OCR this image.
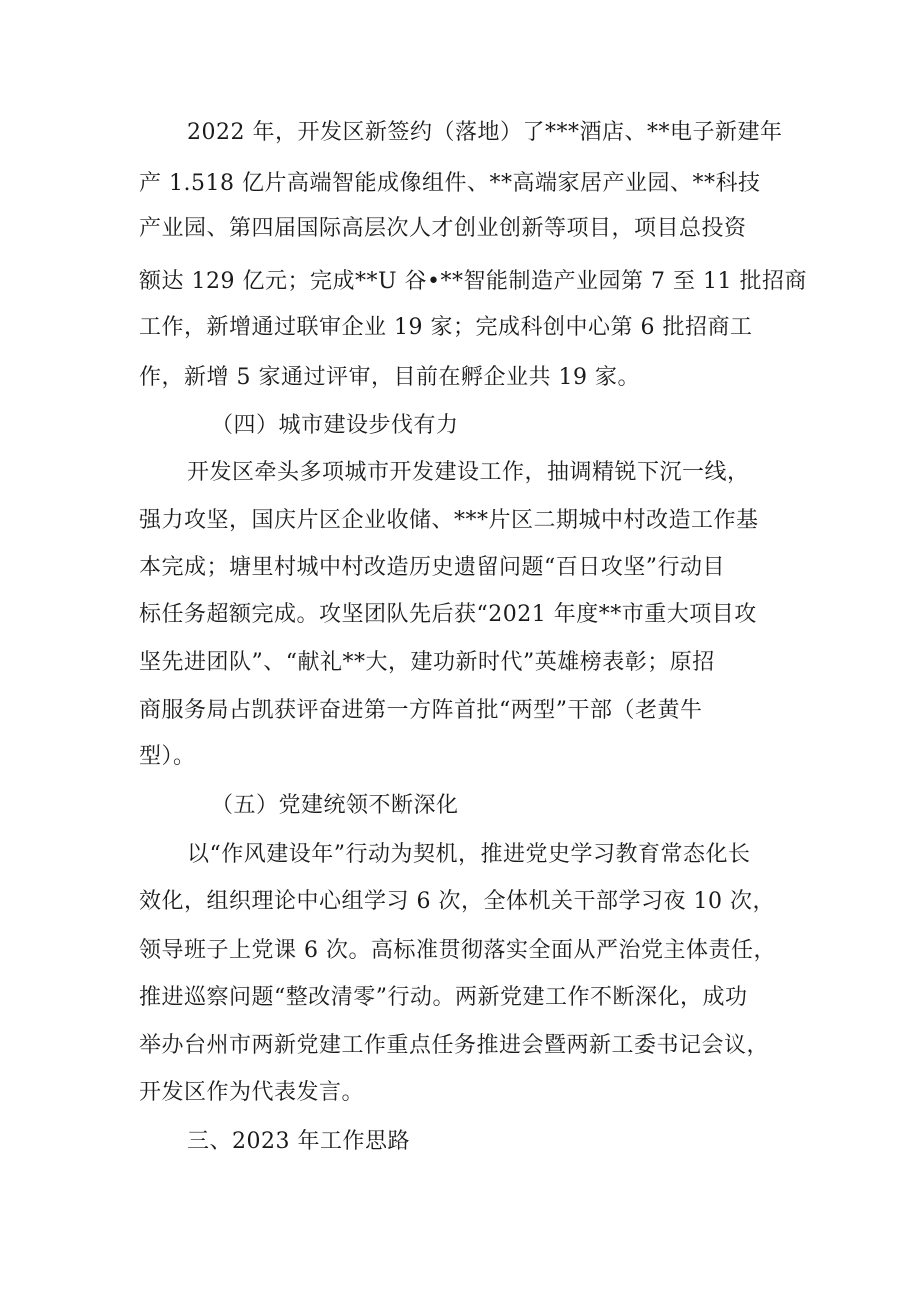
2022 年，开发区新签约（落地）了***酒店、**电子新建年
产 1.518 亿片高端智能成像组件、**高端家居产业园、**科技
产业园、第四届国际高层次人才创业创新等项目，项目总投资
额达 129 亿元；完成**U 谷•**智能制造产业园第 7 至 11 批招商
工作，新增通过联审企业 19 家；完成科创中心第 6 批招商工
作，新增 5 家通过评审，目前在孵企业共 19 家。
（四）城市建设步伐有力
开发区牵头多项城市开发建设工作，抽调精锐下沉一线，
强力攻坚，国庆片区企业收储、***片区二期城中村改造工作基
本完成；塘里村城中村改造历史遗留问题“百日攻坚”行动目
标任务超额完成。攻坚团队先后获“2021 年度**市重大项目攻
坚先进团队”、“献礼**大，建功新时代”英雄榜表彰；原招
商服务局占凯获评奋进第一方阵首批“两型”干部（老黄牛
型）。
（五）党建统领不断深化
以“作风建设年”行动为契机，推进党史学习教育常态化长
效化，组织理论中心组学习 6 次，全体机关干部学习夜 10 次，
领导班子上党课 6 次。高标准贯彻落实全面从严治党主体责任，
推进巡察问题“整改清零”行动。两新党建工作不断深化，成功
举办台州市两新党建工作重点任务推进会暨两新工委书记会议，
开发区作为代表发言。
三、2023 年工作思路
